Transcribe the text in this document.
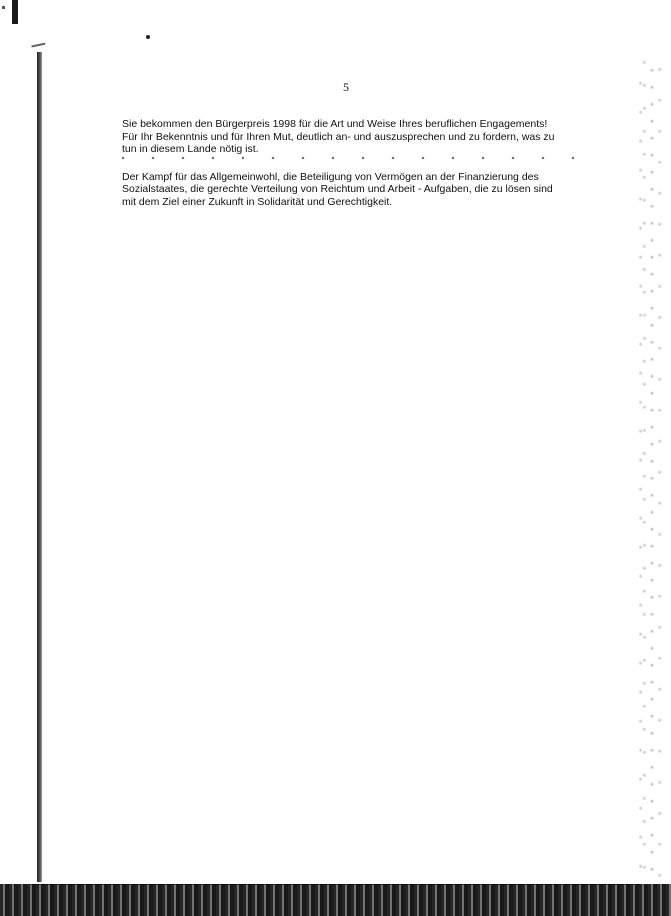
5

Sie bekommen den Bürgerpreis 1998 für die Art und Weise Ihres beruflichen Engagements!
Für Ihr Bekenntnis und für Ihren Mut, deutlich an- und auszusprechen und zu fordern, was zu
tun in diesem Lande nötig ist.

Der Kampf für das Allgemeinwohl, die Beteiligung von Vermögen an der Finanzierung des
Sozialstaates, die gerechte Verteilung von Reichtum und Arbeit - Aufgaben, die zu lösen sind
mit dem Ziel einer Zukunft in Solidarität und Gerechtigkeit.
